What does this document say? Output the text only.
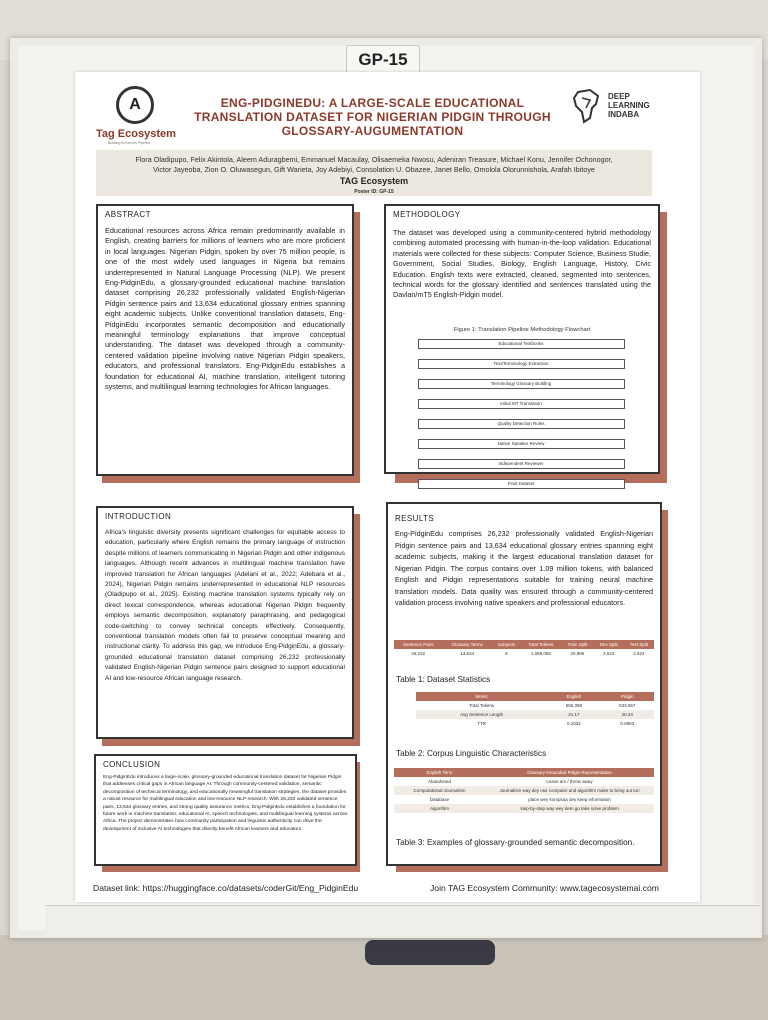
GP-15
A
Tag Ecosystem
Building AI from its Pipeline
ENG-PIDGINEDU: A LARGE-SCALE EDUCATIONAL TRANSLATION DATASET FOR NIGERIAN PIDGIN THROUGH GLOSSARY-AUGUMENTATION
DEEP
LEARNING
INDABA
Flora Oladipupo, Felix Akintola, Aleem Aduragbemi, Emmanuel Macaulay, Olisaemeka Nwosu, Adeniran Treasure, Michael Konu, Jennifer Ochonogor,
Victor Jayeoba, Zion O. Oluwasegun, Gift Warieta, Joy Adebiyi, Consolation U. Obazee, Janet Bello, Omolola Olorunnishola, Arafah Ibitoye
TAG Ecosystem
Poster ID: GP-15
ABSTRACT
Educational resources across Africa remain predominantly available in English, creating barriers for millions of learners who are more proficient in local languages. Nigerian Pidgin, spoken by over 75 million people, is one of the most widely used languages in Nigeria but remains underrepresented in Natural Language Processing (NLP). We present Eng-PidginEdu, a glossary-grounded educational machine translation dataset comprising 26,232 professionally validated English-Nigerian Pidgin sentence pairs and 13,634 educational glossary entries spanning eight academic subjects. Unlike conventional translation datasets, Eng-PidginEdu incorporates semantic decomposition and educationally meaningful terminology explanations that improve conceptual understanding. The dataset was developed through a community-centered validation pipeline involving native Nigerian Pidgin speakers, educators, and professional translators. Eng-PidginEdu establishes a foundation for educational AI, machine translation, intelligent tutoring systems, and multilingual learning technologies for African languages.
METHODOLOGY
The dataset was developed using a community-centered hybrid methodology combining automated processing with human-in-the-loop validation. Educational materials were collected for these subjects: Computer Science, Business Studie, Government, Social Studies, Biology, English Language, History, Civic Education. English texts were extracted, cleaned, segmented into sentences, technical words for the glossary identified and sentences translated using the Davlan/mT5 English-Pidgin model.
Figure 1: Translation Pipeline Methodology Flowchart
Educational Textbooks
Text/Terminology Extraction
Terminology Glossary Building
Initial MT Translation
Quality Detection Rules
Native Speaker Review
Independent Reviewer
Final Dataset
INTRODUCTION
Africa's linguistic diversity presents significant challenges for equitable access to education, particularly where English remains the primary language of instruction despite millions of learners communicating in Nigerian Pidgin and other indigenous languages. Although recent advances in multilingual machine translation have improved translation for African languages (Adelani et al., 2022; Adebara et al., 2024), Nigerian Pidgin remains underrepresented in educational NLP resources (Oladipupo et al., 2025). Existing machine translation systems typically rely on direct lexical correspondence, whereas educational Nigerian Pidgin frequently employs semantic decomposition, explanatory paraphrasing, and pedagogical code-switching to convey technical concepts effectively. Consequently, conventional translation models often fail to preserve conceptual meaning and instructional clarity. To address this gap, we introduce Eng-PidginEdu, a glossary-grounded educational translation dataset comprising 26,232 professionally validated English-Nigerian Pidgin sentence pairs designed to support educational AI and low-resource African language research.
CONCLUSION
Eng-PidginEdu introduces a large-scale, glossary-grounded educational translation dataset for Nigerian Pidgin that addresses critical gaps in African language AI. Through community-centered validation, semantic decomposition of technical terminology, and educationally meaningful translation strategies, the dataset provides a robust resource for multilingual education and low-resource NLP research. With 26,232 validated sentence pairs, 13,634 glossary entries, and strong quality assurance metrics, Eng-PidginEdu establishes a foundation for future work in machine translation, educational AI, speech technologies, and multilingual learning systems across Africa. The project demonstrates how community participation and linguistic authenticity can drive the development of inclusive AI technologies that directly benefit African learners and educators.
RESULTS
Eng-PidginEdu comprises 26,232 professionally validated English-Nigerian Pidgin sentence pairs and 13,634 educational glossary entries spanning eight academic subjects, making it the largest educational translation dataset for Nigerian Pidgin. The corpus contains over 1.09 million tokens, with balanced English and Pidgin representations suitable for training neural machine translation models. Data quality was ensured through a community-centered validation process involving native speakers and professional educators.
Sentence Pairs	Glossary Terms	Subjects	Total Tokens	Train Split	Dev Split	Test Split
26,232	13,634	8	1,089,055	20,985	2,623	2,624
Table 1: Dataset Statistics
Metric	English	Pidgin
Total Tokens	555,398	533,657
Avg Sentence Length	21.17	20.34
TTR	0.1032	0.0883
Table 2: Corpus Linguistic Characteristics
English Term	Glossary-Grounded Pidgin Representation
Abandoned	Leave am / throw away
Computational Journalism	Journalism way dey use computer and algorithm make to bring out tori
Database	place wey kompiuta dey keep information
Algorithm	step-by-step way wey dem go take solve problem
Table 3: Examples of glossary-grounded semantic decomposition.
Dataset link: https://huggingface.co/datasets/coderGit/Eng_PidginEdu	Join TAG Ecosystem Community: www.tagecosystemai.com
